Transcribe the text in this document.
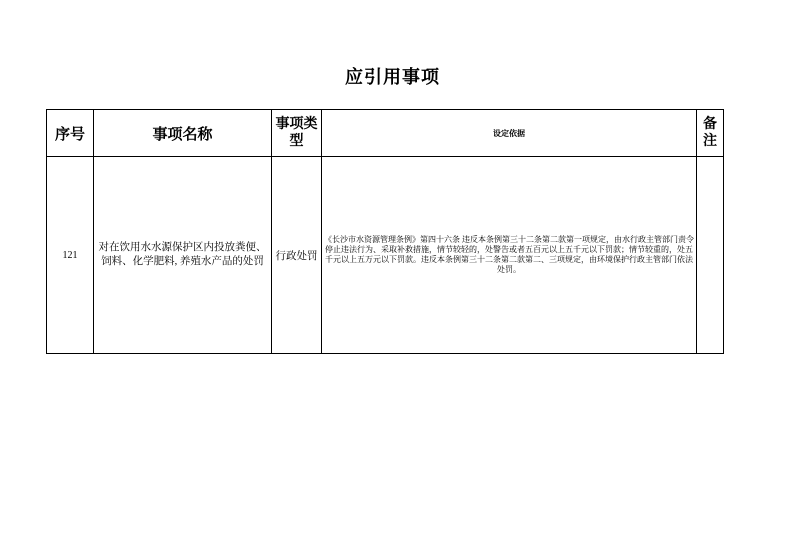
应引用事项
序号	事项名称	事项类型	设定依据	备注
121	对在饮用水水源保护区内投放粪便、饲料、化学肥料, 养殖水产品的处罚	行政处罚	《长沙市水资源管理条例》第四十六条 违反本条例第三十二条第二款第一项规定，由水行政主管部门责令停止违法行为、采取补救措施，情节较轻的，处警告或者五百元以上五千元以下罚款；情节较重的，处五千元以上五万元以下罚款。违反本条例第三十二条第二款第二、三项规定，由环境保护行政主管部门依法处罚。	
